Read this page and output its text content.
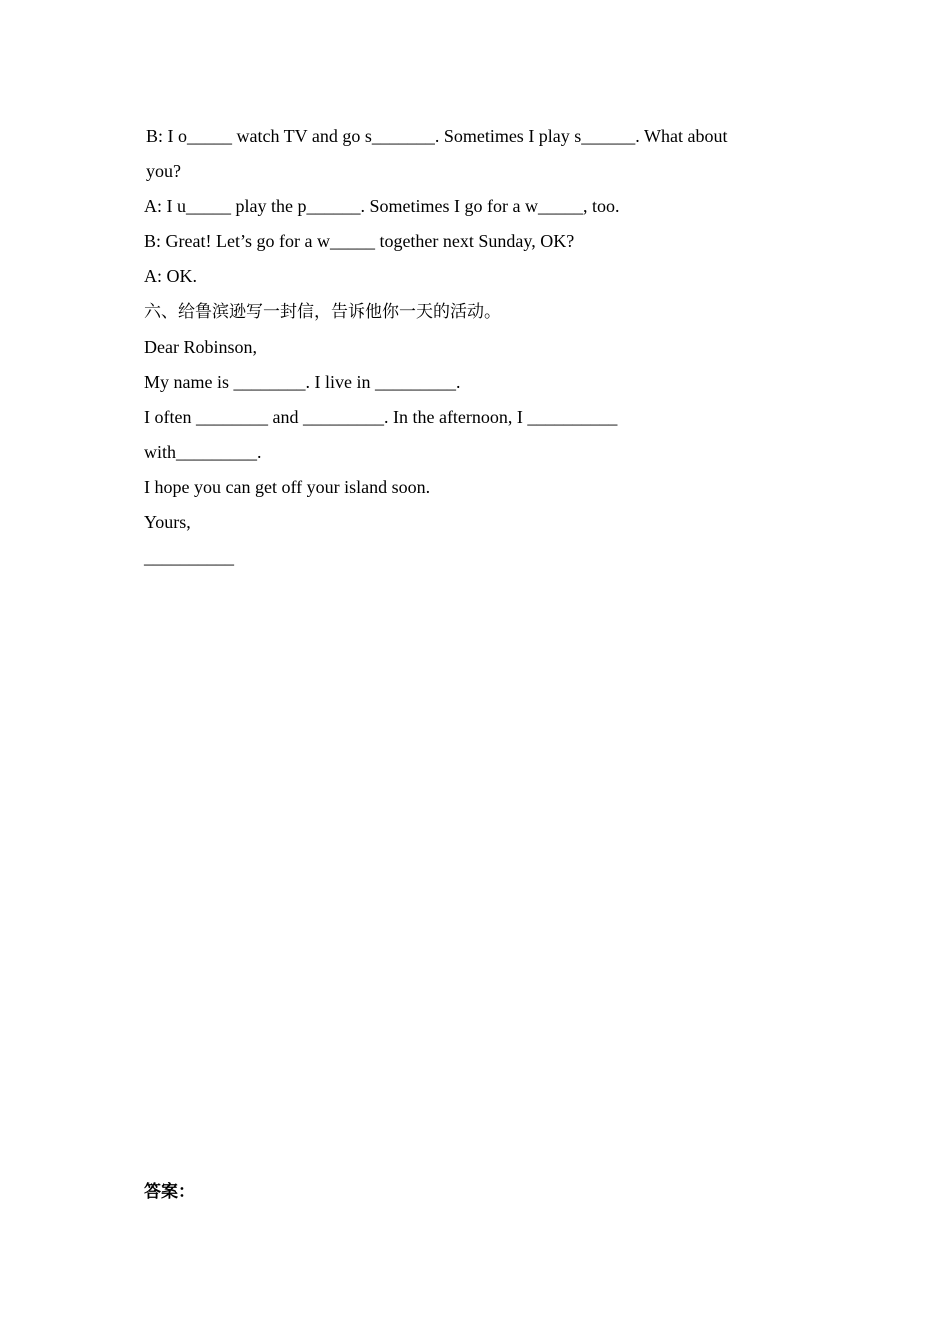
B: I o_____ watch TV and go s_______. Sometimes I play s______. What about
you?
A: I u_____ play the p______. Sometimes I go for a w_____, too.
B: Great! Let’s go for a w_____ together next Sunday, OK?
A: OK.
六、给鲁滨逊写一封信，告诉他你一天的活动。
Dear Robinson,
My name is ________. I live in _________.
I often ________ and _________. In the afternoon, I __________
with_________.
I hope you can get off your island soon.
Yours,
__________
答案：
